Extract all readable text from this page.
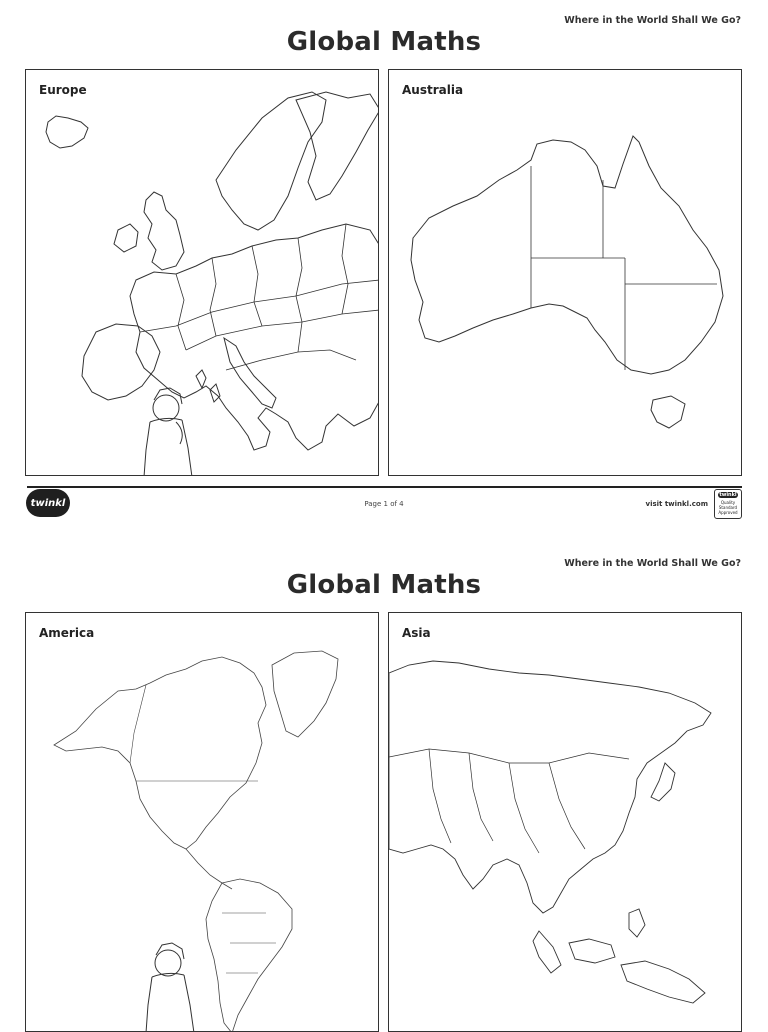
Where in the World Shall We Go?
Global Maths
Europe	Australia
twinkl	Page 1 of 4	visit twinkl.com
twinkl
Quality Standard Approved
Where in the World Shall We Go?
Global Maths
America	Asia
